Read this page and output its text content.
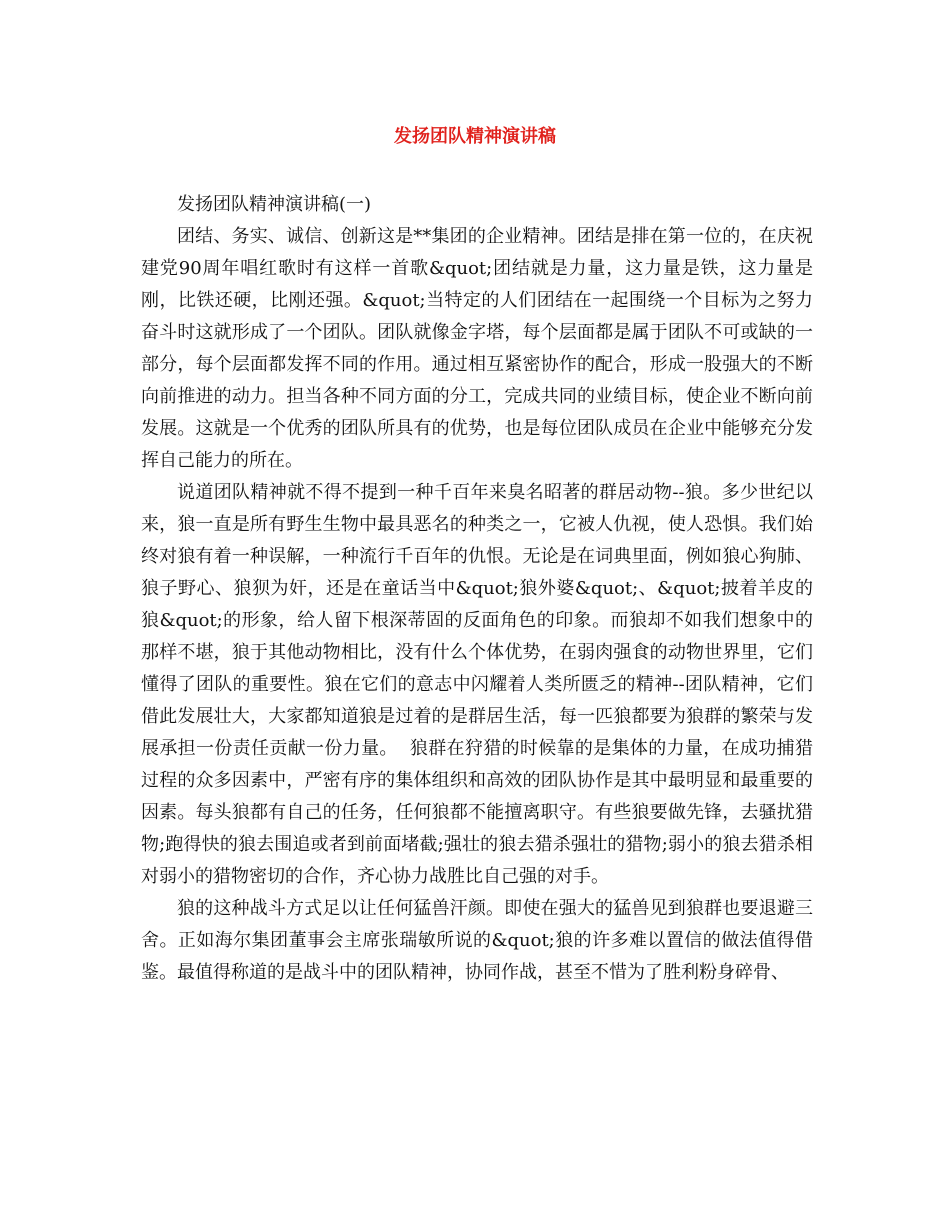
发扬团队精神演讲稿

发扬团队精神演讲稿(一)

团结、务实、诚信、创新这是**集团的企业精神。团结是排在第一位的，在庆祝建党90周年唱红歌时有这样一首歌&quot;团结就是力量，这力量是铁，这力量是刚，比铁还硬，比刚还强。&quot;当特定的人们团结在一起围绕一个目标为之努力奋斗时这就形成了一个团队。团队就像金字塔，每个层面都是属于团队不可或缺的一部分，每个层面都发挥不同的作用。通过相互紧密协作的配合，形成一股强大的不断向前推进的动力。担当各种不同方面的分工，完成共同的业绩目标，使企业不断向前发展。这就是一个优秀的团队所具有的优势，也是每位团队成员在企业中能够充分发挥自己能力的所在。

说道团队精神就不得不提到一种千百年来臭名昭著的群居动物--狼。多少世纪以来，狼一直是所有野生生物中最具恶名的种类之一，它被人仇视，使人恐惧。我们始终对狼有着一种误解，一种流行千百年的仇恨。无论是在词典里面，例如狼心狗肺、狼子野心、狼狈为奸，还是在童话当中&quot;狼外婆&quot;、&quot;披着羊皮的狼&quot;的形象，给人留下根深蒂固的反面角色的印象。而狼却不如我们想象中的那样不堪，狼于其他动物相比，没有什么个体优势，在弱肉强食的动物世界里，它们懂得了团队的重要性。狼在它们的意志中闪耀着人类所匮乏的精神--团队精神，它们借此发展壮大，大家都知道狼是过着的是群居生活，每一匹狼都要为狼群的繁荣与发展承担一份责任贡献一份力量。  狼群在狩猎的时候靠的是集体的力量，在成功捕猎过程的众多因素中，严密有序的集体组织和高效的团队协作是其中最明显和最重要的因素。每头狼都有自己的任务，任何狼都不能擅离职守。有些狼要做先锋，去骚扰猎物;跑得快的狼去围追或者到前面堵截;强壮的狼去猎杀强壮的猎物;弱小的狼去猎杀相对弱小的猎物密切的合作，齐心协力战胜比自己强的对手。

狼的这种战斗方式足以让任何猛兽汗颜。即使在强大的猛兽见到狼群也要退避三舍。正如海尔集团董事会主席张瑞敏所说的&quot;狼的许多难以置信的做法值得借鉴。最值得称道的是战斗中的团队精神，协同作战，甚至不惜为了胜利粉身碎骨、
